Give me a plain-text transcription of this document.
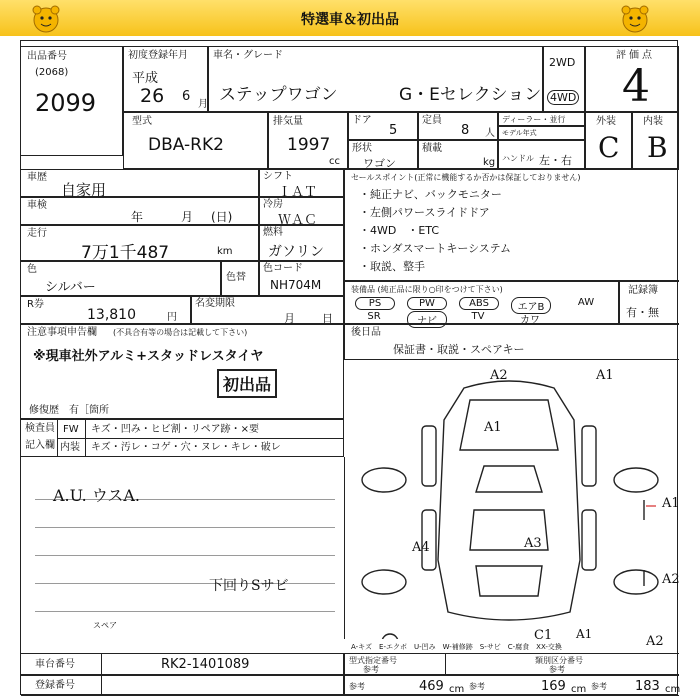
特選車＆初出品
出品番号
(2068)
2099
初度登録年月
平成
26 6
月
車名・グレード
ステップワゴン	G・Eセレクション
2WD
4WD
評価点
4
型式
DBA-RK2
排気量
1997
cc
ドア
5
定員
8 人
ディーラー・並行
モデル年式
形状
ワゴン
積載
kg ハンドル 左・右
外装
C
内装
B
車歴
自家用
シフト
ＩＡＴ
車検
年	月 (日)
冷房
ＷＡＣ
走行
7万1千487	km
燃料
ガソリン
色
シルバー
色替
色コード
NH704M
R券
13,810	円
名変期限
月 日
注意事項申告欄 (不具合有等の場合は記載して下さい)
※現車社外アルミ+スタッドレスタイヤ
初出品
修復歴　有［箇所
検査員
記入欄
FW キズ・凹み・ヒビ割・リペア跡・×要
内装 キズ・汚レ・コゲ・穴・ヌレ・キレ・破レ
A.U. ウスA.
下回りSサビ
セールスポイント(正常に機能するか否かは保証しておりません)
・純正ナビ、バックモニター
・左側パワースライドドア
・4WD　・ETC
・ホンダスマートキーシステム
・取説、整手
装備品 (純正品に限り○印をつけて下さい)
PS	PW	ABS	エアB	AW
SR	ナビ	TV	カワ
記録簿
有・無
後日品
保証書・取説・スペアキー
A1
A2	A1
A1
A4	A3
A2
C1	A2
A-キズ　E-エクボ　U-凹み　W-補修跡　S-サビ　C-腐食　XX-交換
A1
スペア
車台番号	RK2-1401089
登録番号
型式指定番号
参考
類別区分番号
参考
参考	469 cm 参考	169 cm 参考 183 cm
